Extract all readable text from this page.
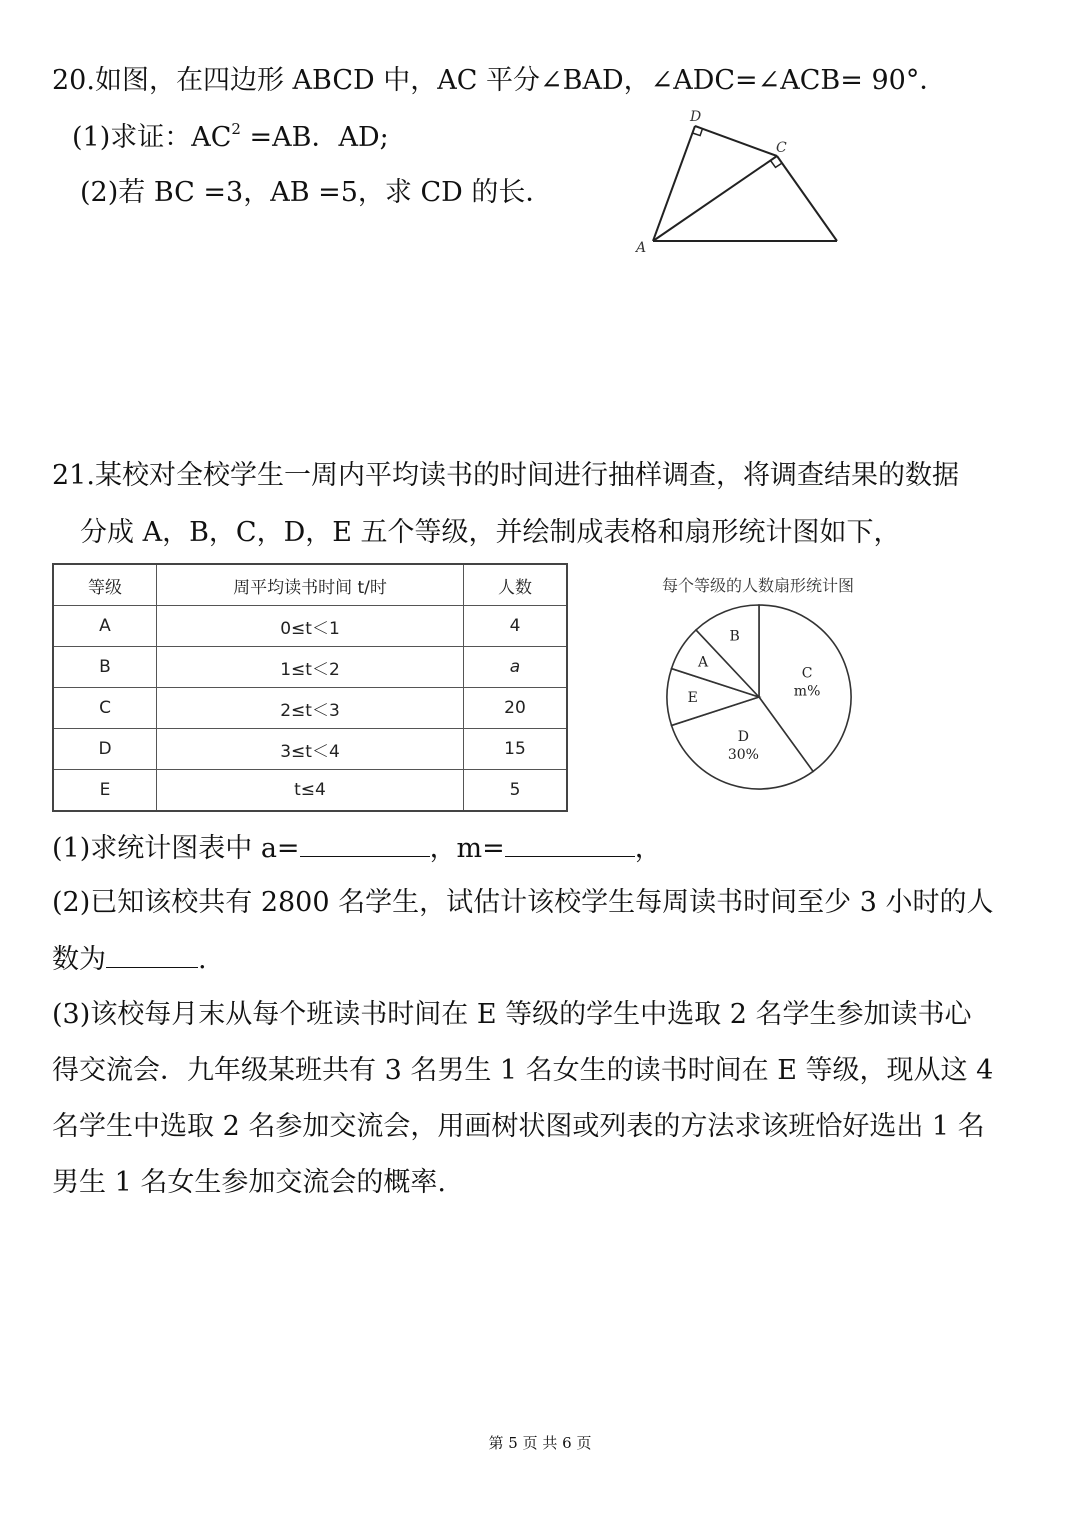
20.如图，在四边形 ABCD 中，AC 平分∠BAD，∠ADC=∠ACB= 90°．
(1)求证：$AC^2 =AB$．AD;
(2)若 BC =3，AB =5，求 CD 的长．
A
D
C
21.某校对全校学生一周内平均读书的时间进行抽样调查，将调查结果的数据
分成 A，B，C，D，E 五个等级，并绘制成表格和扇形统计图如下，
等级	周平均读书时间 t/时	人数
A	0≤t＜1	4
B	1≤t＜2	a
C	2≤t＜3	20
D	3≤t＜4	15
E	t≤4	5
每个等级的人数扇形统计图
C m%
D 30%
E
A
B
(1)求统计图表中 a=	，m=	，
(2)已知该校共有 2800 名学生，试估计该校学生每周读书时间至少 3 小时的人
数为	.
(3)该校每月末从每个班读书时间在 E 等级的学生中选取 2 名学生参加读书心
得交流会．九年级某班共有 3 名男生 1 名女生的读书时间在 E 等级，现从这 4
名学生中选取 2 名参加交流会，用画树状图或列表的方法求该班恰好选出 1 名
男生 1 名女生参加交流会的概率.
第 5 页 共 6 页
